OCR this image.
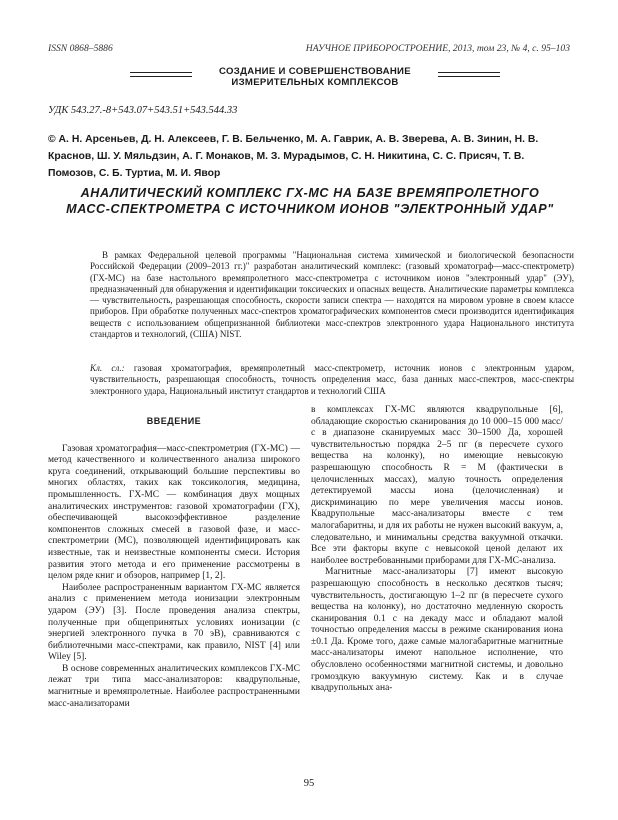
ISSN 0868–5886	НАУЧНОЕ ПРИБОРОСТРОЕНИЕ, 2013, том 23, № 4, с. 95–103
СОЗДАНИЕ И СОВЕРШЕНСТВОВАНИЕ
ИЗМЕРИТЕЛЬНЫХ КОМПЛЕКСОВ
УДК 543.27.-8+543.07+543.51+543.544.33
© А. Н. Арсеньев, Д. Н. Алексеев, Г. В. Бельченко, М. А. Гаврик, А. В. Зверева, А. В. Зинин, Н. В. Краснов, Ш. У. Мяльдзин, А. Г. Монаков, М. З. Мурадымов, С. Н. Никитина, С. С. Присяч, Т. В. Помозов, С. Б. Туртиа, М. И. Явор
АНАЛИТИЧЕСКИЙ КОМПЛЕКС ГХ-МС НА БАЗЕ ВРЕМЯПРОЛЕТНОГО МАСС-СПЕКТРОМЕТРА С ИСТОЧНИКОМ ИОНОВ "ЭЛЕКТРОННЫЙ УДАР"

В рамках Федеральной целевой программы "Национальная система химической и биологической безопасности Российской Федерации (2009–2013 гг.)" разработан аналитический комплекс: (газовый хроматограф—масс-спектрометр) (ГХ-МС) на базе настольного времяпролетного масс-спектрометра с источником ионов "электронный удар" (ЭУ), предназначенный для обнаружения и идентификации токсических и опасных веществ. Аналитические параметры комплекса — чувствительность, разрешающая способность, скорости записи спектра — находятся на мировом уровне в своем классе приборов. При обработке полученных масс-спектров хроматографических компонентов смеси производится идентификация веществ с использованием общепризнанной библиотеки масс-спектров электронного удара Национального института стандартов и технологий, (США) NIST.

Кл. сл.: газовая хроматография, времяпролетный масс-спектрометр, источник ионов с электронным ударом, чувствительность, разрешающая способность, точность определения масс, база данных масс-спектров, масс-спектры электронного удара, Национальный институт стандартов и технологий США
ВВЕДЕНИЕ

Газовая хроматография—масс-спектрометрия (ГХ-МС) — метод качественного и количественного анализа широкого круга соединений, открывающий большие перспективы во многих областях, таких как токсикология, медицина, промышленность. ГХ-МС — комбинация двух мощных аналитических инструментов: газовой хроматографии (ГХ), обеспечивающей высокоэффективное разделение компонентов сложных смесей в газовой фазе, и масс-спектрометрии (МС), позволяющей идентифицировать как известные, так и неизвестные компоненты смеси. История развития этого метода и его применение рассмотрены в целом ряде книг и обзоров, например [1, 2].

Наиболее распространенным вариантом ГХ-МС является анализ с применением метода ионизации электронным ударом (ЭУ) [3]. После проведения анализа спектры, полученные при общепринятых условиях ионизации (с энергией электронного пучка в 70 эВ), сравниваются с библиотечными масс-спектрами, как правило, NIST [4] или Wiley [5].

В основе современных аналитических комплексов ГХ-МС лежат три типа масс-анализаторов: квадрупольные, магнитные и времяпролетные. Наиболее распространенными масс-анализаторами

в комплексах ГХ-МС являются квадрупольные [6], обладающие скоростью сканирования до 10 000–15 000 масс/с в диапазоне сканируемых масс 30–1500 Да, хорошей чувствительностью порядка 2–5 пг (в пересчете сухого вещества на колонку), но имеющие невысокую разрешающую способность R = M (фактически в целочисленных массах), малую точность определения детектируемой массы иона (целочисленная) и дискриминацию по мере увеличения массы ионов. Квадрупольные масс-анализаторы вместе с тем малогабаритны, и для их работы не нужен высокий вакуум, а, следовательно, и минимальны средства вакуумной откачки. Все эти факторы вкупе с невысокой ценой делают их наиболее востребованными приборами для ГХ-МС-анализа.

Магнитные масс-анализаторы [7] имеют высокую разрешающую способность в несколько десятков тысяч; чувствительность, достигающую 1–2 пг (в пересчете сухого вещества на колонку), но достаточно медленную скорость сканирования 0.1 с на декаду масс и обладают малой точностью определения массы в режиме сканирования иона ±0.1 Да. Кроме того, даже самые малогабаритные магнитные масс-анализаторы имеют напольное исполнение, что обусловлено особенностями магнитной системы, и довольно громоздкую вакуумную систему. Как и в случае квадрупольных ана-

95
